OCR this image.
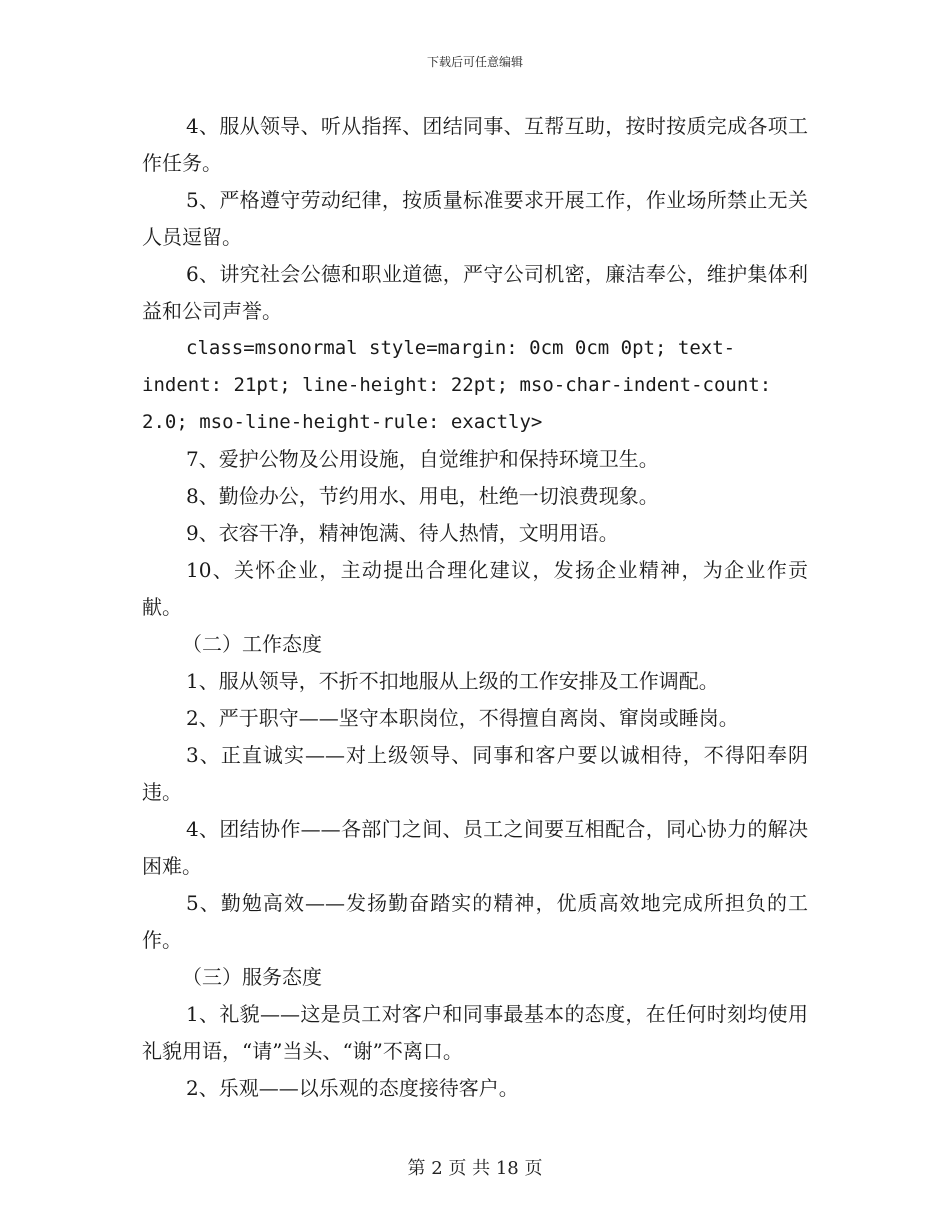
下载后可任意编辑

4、服从领导、听从指挥、团结同事、互帮互助，按时按质完成各项工作任务。

5、严格遵守劳动纪律，按质量标准要求开展工作，作业场所禁止无关人员逗留。

6、讲究社会公德和职业道德，严守公司机密，廉洁奉公，维护集体利益和公司声誉。

class=msonormal style=margin: 0cm 0cm 0pt; text-indent: 21pt; line-height: 22pt; mso-char-indent-count: 2.0; mso-line-height-rule: exactly>

7、爱护公物及公用设施，自觉维护和保持环境卫生。

8、勤俭办公，节约用水、用电，杜绝一切浪费现象。

9、衣容干净，精神饱满、待人热情，文明用语。

10、关怀企业，主动提出合理化建议，发扬企业精神，为企业作贡献。

（二）工作态度

1、服从领导，不折不扣地服从上级的工作安排及工作调配。

2、严于职守——坚守本职岗位，不得擅自离岗、窜岗或睡岗。

3、正直诚实——对上级领导、同事和客户要以诚相待，不得阳奉阴违。

4、团结协作——各部门之间、员工之间要互相配合，同心协力的解决困难。

5、勤勉高效——发扬勤奋踏实的精神，优质高效地完成所担负的工作。

（三）服务态度

1、礼貌——这是员工对客户和同事最基本的态度，在任何时刻均使用礼貌用语，“请”当头、“谢”不离口。

2、乐观——以乐观的态度接待客户。

第 2 页 共 18 页
